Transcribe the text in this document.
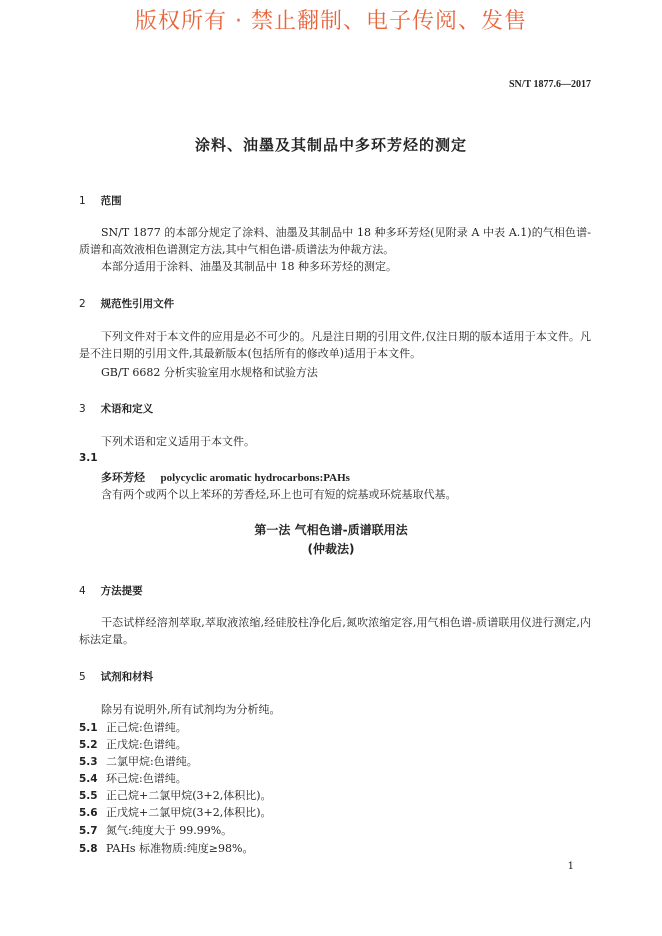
版权所有 · 禁止翻制、电子传阅、发售
SN/T 1877.6—2017
涂料、油墨及其制品中多环芳烃的测定
1 范围
SN/T 1877 的本部分规定了涂料、油墨及其制品中 18 种多环芳烃(见附录 A 中表 A.1)的气相色谱-质谱和高效液相色谱测定方法,其中气相色谱-质谱法为仲裁方法。
本部分适用于涂料、油墨及其制品中 18 种多环芳烃的测定。
2 规范性引用文件
下列文件对于本文件的应用是必不可少的。凡是注日期的引用文件,仅注日期的版本适用于本文件。凡是不注日期的引用文件,其最新版本(包括所有的修改单)适用于本文件。
GB/T 6682 分析实验室用水规格和试验方法
3 术语和定义
下列术语和定义适用于本文件。
3.1
多环芳烃 polycyclic aromatic hydrocarbons:PAHs
含有两个或两个以上苯环的芳香烃,环上也可有短的烷基或环烷基取代基。
第一法 气相色谱-质谱联用法
(仲裁法)
4 方法提要
干态试样经溶剂萃取,萃取液浓缩,经硅胶柱净化后,氮吹浓缩定容,用气相色谱-质谱联用仪进行测定,内标法定量。
5 试剂和材料
除另有说明外,所有试剂均为分析纯。
5.1 正己烷:色谱纯。
5.2 正戊烷:色谱纯。
5.3 二氯甲烷:色谱纯。
5.4 环己烷:色谱纯。
5.5 正己烷+二氯甲烷(3+2,体积比)。
5.6 正戊烷+二氯甲烷(3+2,体积比)。
5.7 氮气:纯度大于 99.99%。
5.8 PAHs 标准物质:纯度≥98%。
1
